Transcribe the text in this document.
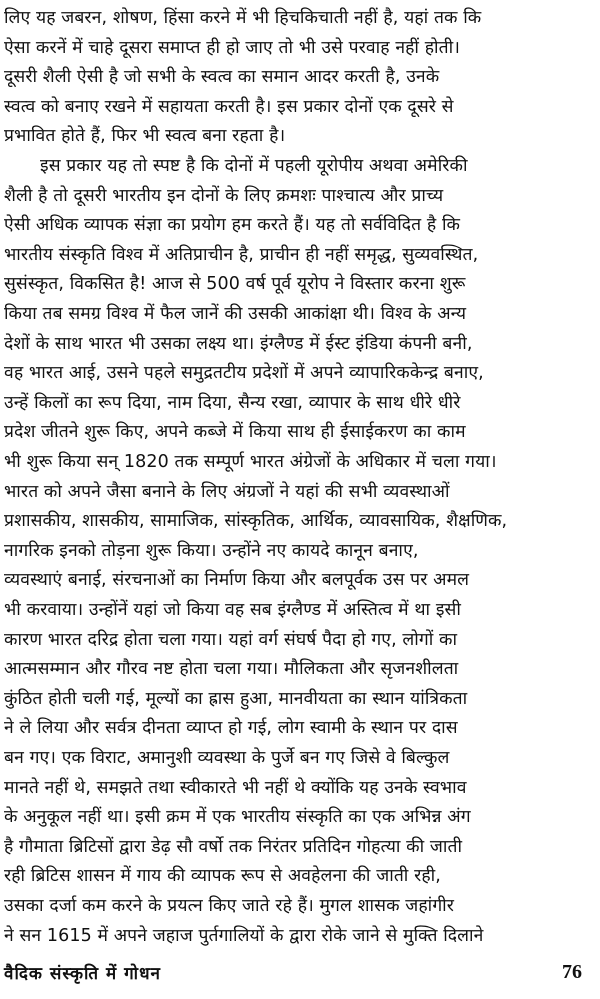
लिए यह जबरन, शोषण, हिंसा करने में भी हिचकिचाती नहीं है, यहां तक कि
ऐसा करनें में चाहे दूसरा समाप्त ही हो जाए तो भी उसे परवाह नहीं होती।
दूसरी शैली ऐसी है जो सभी के स्वत्व का समान आदर करती है, उनके
स्वत्व को बनाए रखने में सहायता करती है। इस प्रकार दोनों एक दूसरे से
प्रभावित होते हैं, फिर भी स्वत्व बना रहता है।
इस प्रकार यह तो स्पष्ट है कि दोनों में पहली यूरोपीय अथवा अमेरिकी
शैली है तो दूसरी भारतीय इन दोनों के लिए क्रमशः पाश्चात्य और प्राच्य
ऐसी अधिक व्यापक संज्ञा का प्रयोग हम करते हैं। यह तो सर्वविदित है कि
भारतीय संस्कृति विश्व में अतिप्राचीन है, प्राचीन ही नहीं समृद्ध, सुव्यवस्थित,
सुसंस्कृत, विकसित है! आज से 500 वर्ष पूर्व यूरोप ने विस्तार करना शुरू
किया तब समग्र विश्व में फैल जानें की उसकी आकांक्षा थी। विश्व के अन्य
देशों के साथ भारत भी उसका लक्ष्य था। इंग्लैण्ड में ईस्ट इंडिया कंपनी बनी,
वह भारत आई, उसने पहले समुद्रतटीय प्रदेशों में अपने व्यापारिककेन्द्र बनाए,
उन्हें किलों का रूप दिया, नाम दिया, सैन्य रखा, व्यापार के साथ धीरे धीरे
प्रदेश जीतने शुरू किए, अपने कब्जे में किया साथ ही ईसाईकरण का काम
भी शुरू किया सन् 1820 तक सम्पूर्ण भारत अंग्रेजों के अधिकार में चला गया।
भारत को अपने जैसा बनाने के लिए अंग्रजों ने यहां की सभी व्यवस्थाओं
प्रशासकीय, शासकीय, सामाजिक, सांस्कृतिक, आर्थिक, व्यावसायिक, शैक्षणिक,
नागरिक इनको तोड़ना शुरू किया। उन्होंने नए कायदे कानून बनाए,
व्यवस्थाएं बनाई, संरचनाओं का निर्माण किया और बलपूर्वक उस पर अमल
भी करवाया। उन्होंनें यहां जो किया वह सब इंग्लैण्ड में अस्तित्व में था इसी
कारण भारत दरिद्र होता चला गया। यहां वर्ग संघर्ष पैदा हो गए, लोगों का
आत्मसम्मान और गौरव नष्ट होता चला गया। मौलिकता और सृजनशीलता
कुंठित होती चली गई, मूल्यों का ह्रास हुआ, मानवीयता का स्थान यांत्रिकता
ने ले लिया और सर्वत्र दीनता व्याप्त हो गई, लोग स्वामी के स्थान पर दास
बन गए। एक विराट, अमानुशी व्यवस्था के पुर्जे बन गए जिसे वे बिल्कुल
मानते नहीं थे, समझते तथा स्वीकारते भी नहीं थे क्योंकि यह उनके स्वभाव
के अनुकूल नहीं था। इसी क्रम में एक भारतीय संस्कृति का एक अभिन्न अंग
है गौमाता ब्रिटिसों द्वारा डेढ़ सौ वर्षो तक निरंतर प्रतिदिन गोहत्या की जाती
रही ब्रिटिस शासन में गाय की व्यापक रूप से अवहेलना की जाती रही,
उसका दर्जा कम करने के प्रयत्न किए जाते रहे हैं। मुगल शासक जहांगीर
ने सन 1615 में अपने जहाज पुर्तगालियों के द्वारा रोके जाने से मुक्ति दिलाने
वैदिक संस्कृति में गोधन	76
